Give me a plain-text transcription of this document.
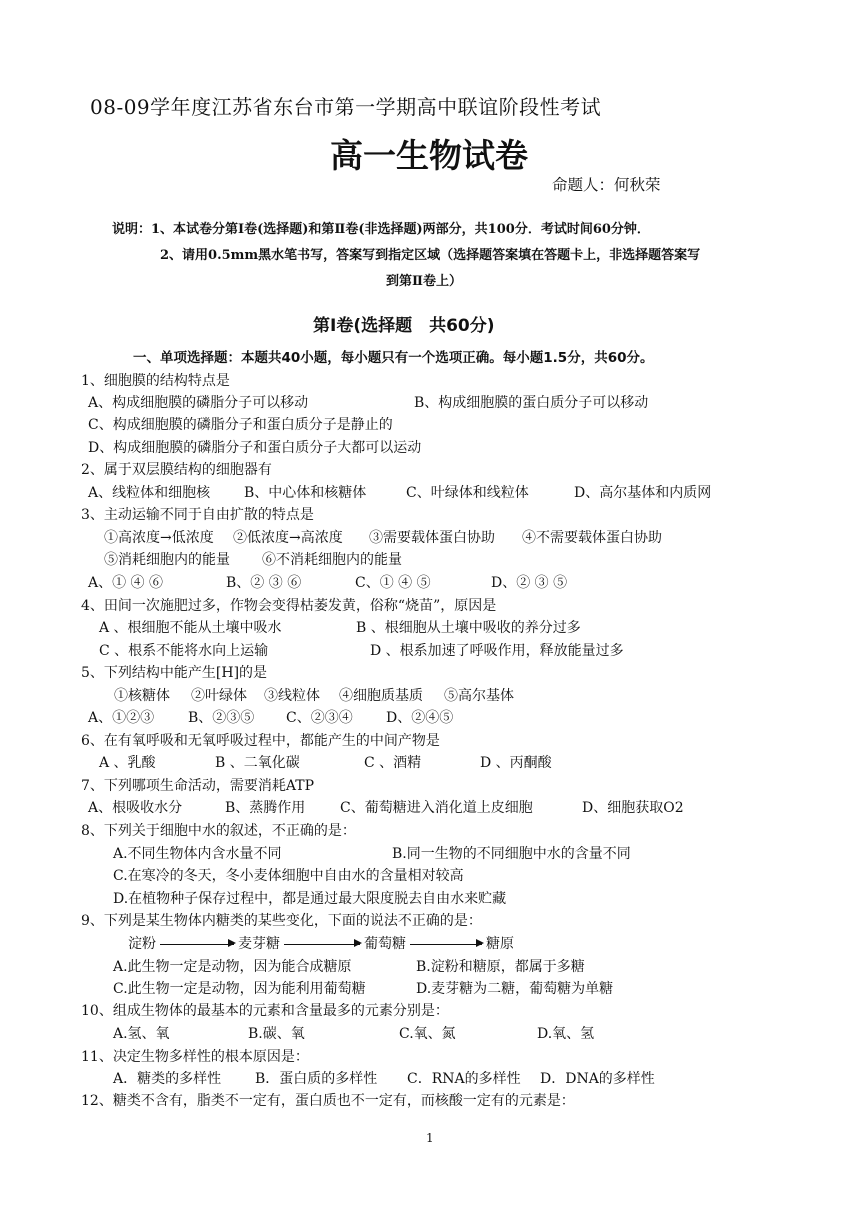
08-09学年度江苏省东台市第一学期高中联谊阶段性考试
高一生物试卷
命题人：何秋荣
说明：1、本试卷分第Ⅰ卷(选择题)和第Ⅱ卷(非选择题)两部分，共100分．考试时间60分钟．
2、请用0.5mm黑水笔书写，答案写到指定区域（选择题答案填在答题卡上，非选择题答案写
到第Ⅱ卷上）
第Ⅰ卷(选择题　共60分)
一、单项选择题：本题共40小题，每小题只有一个选项正确。每小题1.5分，共60分。
1、细胞膜的结构特点是
A、构成细胞膜的磷脂分子可以移动	B、构成细胞膜的蛋白质分子可以移动
C、构成细胞膜的磷脂分子和蛋白质分子是静止的
D、构成细胞膜的磷脂分子和蛋白质分子大都可以运动
2、属于双层膜结构的细胞器有
A、线粒体和细胞核 B、中心体和核糖体	C、叶绿体和线粒体	D、高尔基体和内质网
3、主动运输不同于自由扩散的特点是
①高浓度→低浓度 ②低浓度→高浓度 ③需要载体蛋白协助 ④不需要载体蛋白协助
⑤消耗细胞内的能量 ⑥不消耗细胞内的能量
A、① ④ ⑥	B、② ③ ⑥	C、① ④ ⑤	D、② ③ ⑤
4、田间一次施肥过多，作物会变得枯萎发黄，俗称“烧苗”，原因是
A 、根细胞不能从土壤中吸水	B 、根细胞从土壤中吸收的养分过多
C 、根系不能将水向上运输	D 、根系加速了呼吸作用，释放能量过多
5、下列结构中能产生[H]的是
①核糖体 ②叶绿体 ③线粒体 ④细胞质基质 ⑤高尔基体
A、①②③ B、②③⑤ C、②③④ D、②④⑤
6、在有氧呼吸和无氧呼吸过程中，都能产生的中间产物是
A 、乳酸	B 、二氧化碳	C 、酒精	D 、丙酮酸
7、下列哪项生命活动，需要消耗ATP
A、根吸收水分	B、蒸腾作用 C、葡萄糖进入消化道上皮细胞	D、细胞获取O2
8、下列关于细胞中水的叙述，不正确的是：
A.不同生物体内含水量不同	B.同一生物的不同细胞中水的含量不同
C.在寒冷的冬天，冬小麦体细胞中自由水的含量相对较高
D.在植物种子保存过程中，都是通过最大限度脱去自由水来贮藏
9、下列是某生物体内糖类的某些变化，下面的说法不正确的是：
淀粉	麦芽糖	葡萄糖	糖原
A.此生物一定是动物，因为能合成糖原	B.淀粉和糖原，都属于多糖
C.此生物一定是动物，因为能利用葡萄糖	D.麦芽糖为二糖，葡萄糖为单糖
10、组成生物体的最基本的元素和含量最多的元素分别是：
A.氢、氧	B.碳、氧	C.氧、氮	D.氧、氢
11、决定生物多样性的根本原因是：
A．糖类的多样性 B．蛋白质的多样性 C．RNA的多样性 D．DNA的多样性
12、糖类不含有，脂类不一定有，蛋白质也不一定有，而核酸一定有的元素是：
1
